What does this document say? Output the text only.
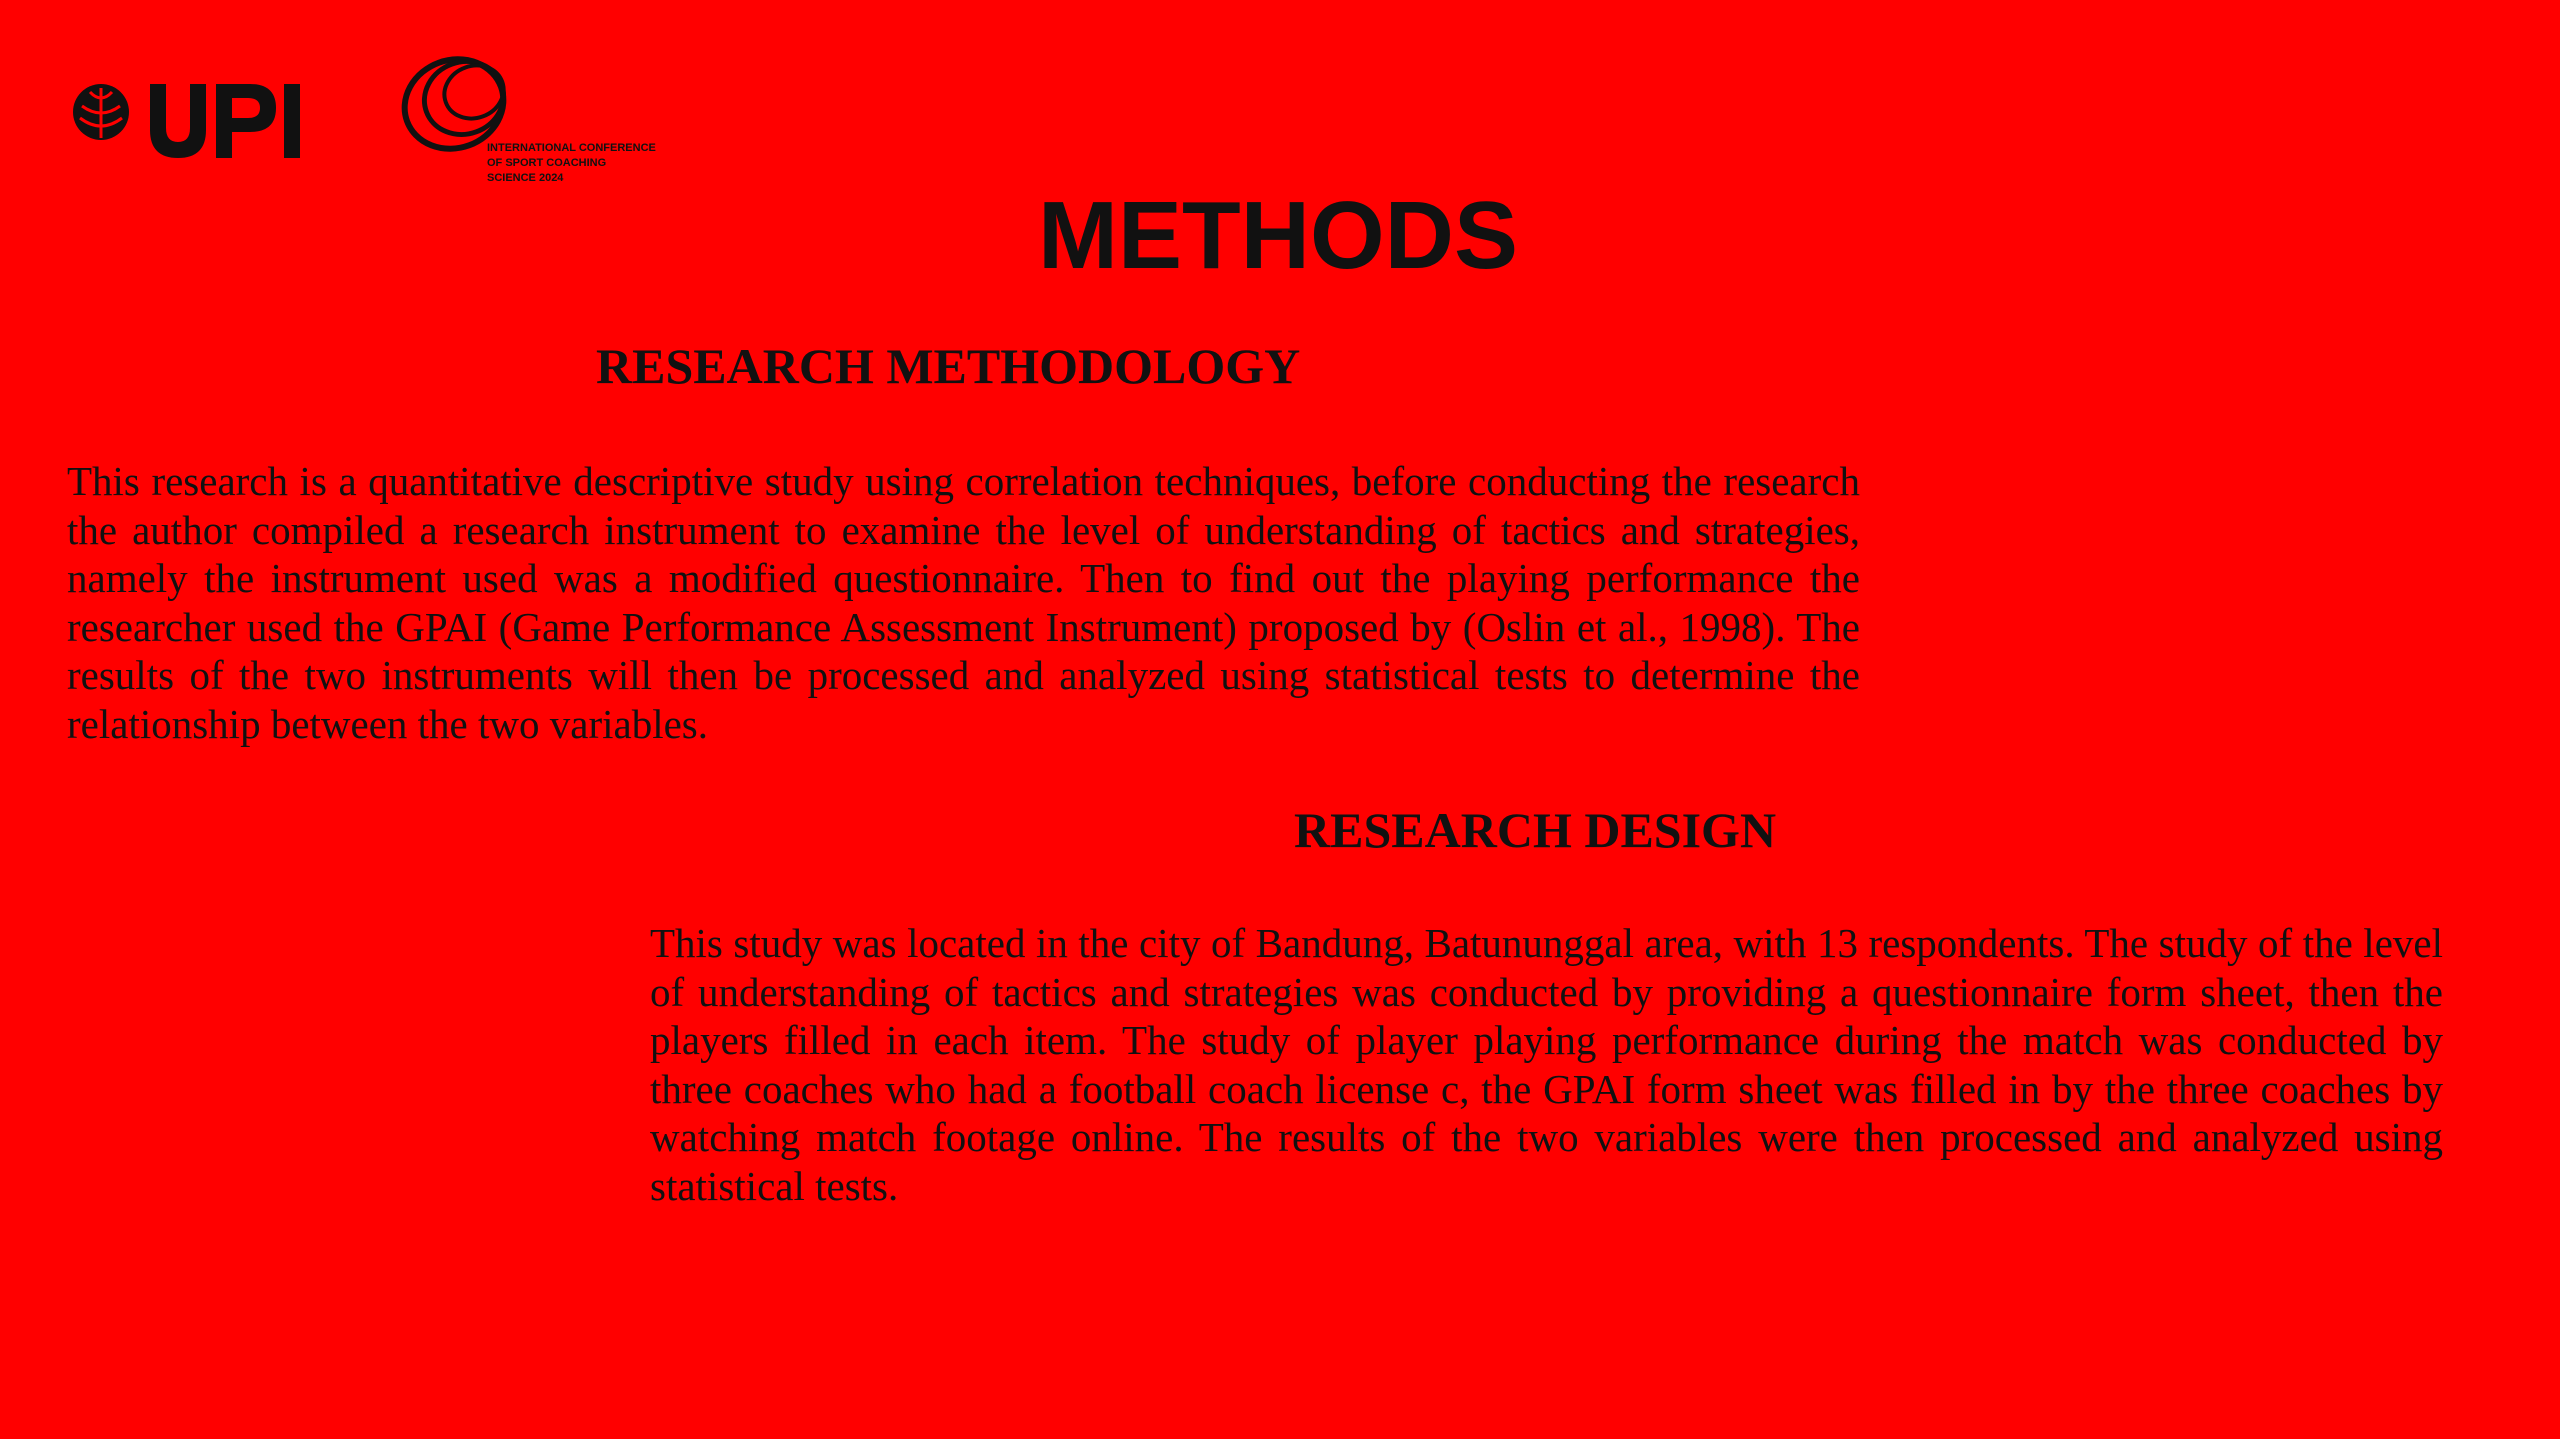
INTERNATIONAL CONFERENCE
OF SPORT COACHING
SCIENCE 2024
METHODS
RESEARCH METHODOLOGY

This research is a quantitative descriptive study using correlation techniques, before conducting the research the author compiled a research instrument to examine the level of understanding of tactics and strategies, namely the instrument used was a modified questionnaire. Then to find out the playing performance the researcher used the GPAI (Game Performance Assessment Instrument) proposed by (Oslin et al., 1998). The results of the two instruments will then be processed and analyzed using statistical tests to determine the relationship between the two variables.

RESEARCH DESIGN

This study was located in the city of Bandung, Batununggal area, with 13 respondents. The study of the level of understanding of tactics and strategies was conducted by providing a questionnaire form sheet, then the players filled in each item. The study of player playing performance during the match was conducted by three coaches who had a football coach license c, the GPAI form sheet was filled in by the three coaches by watching match footage online. The results of the two variables were then processed and analyzed using statistical tests.
